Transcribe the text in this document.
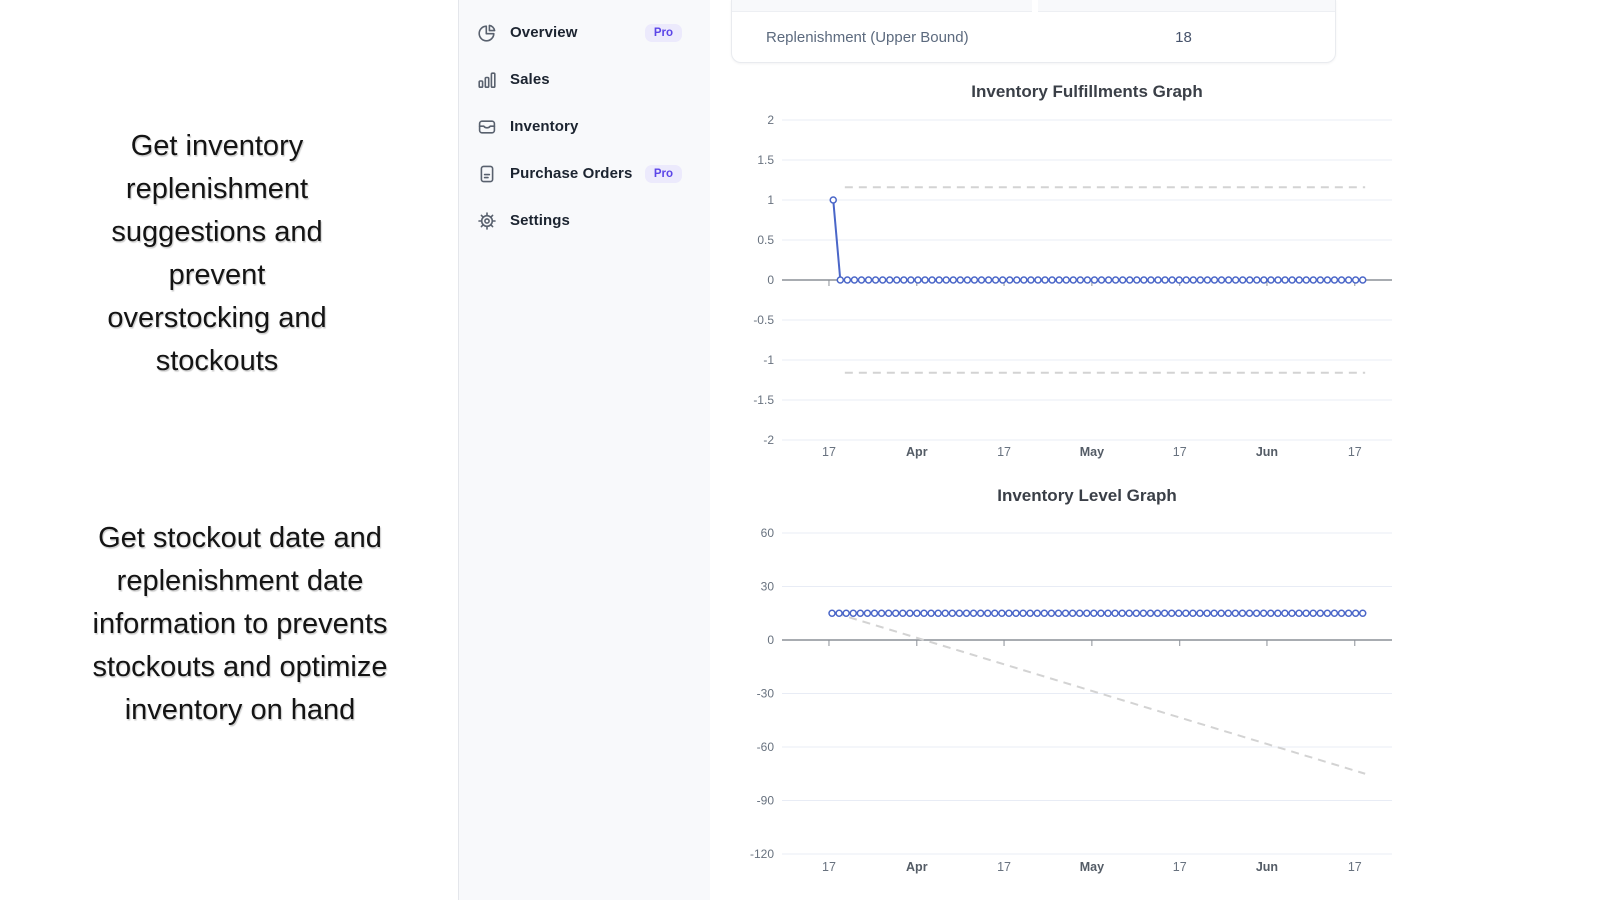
Get inventory
replenishment
suggestions and
prevent
overstocking and
stockouts
Get stockout date and
replenishment date
information to prevents
stockouts and optimize
inventory on hand
Overview	Pro
Sales
Inventory
Purchase Orders	Pro
Settings
Replenishment (Upper Bound)	18
Inventory Fulfillments Graph
2
1.5
1
0.5
0
-0.5
-1
-1.5
-2
17	Apr	17	May	17	Jun	17
Inventory Level Graph
60
30
0
-30
-60
-90
-120
17	Apr	17	May	17	Jun	17
